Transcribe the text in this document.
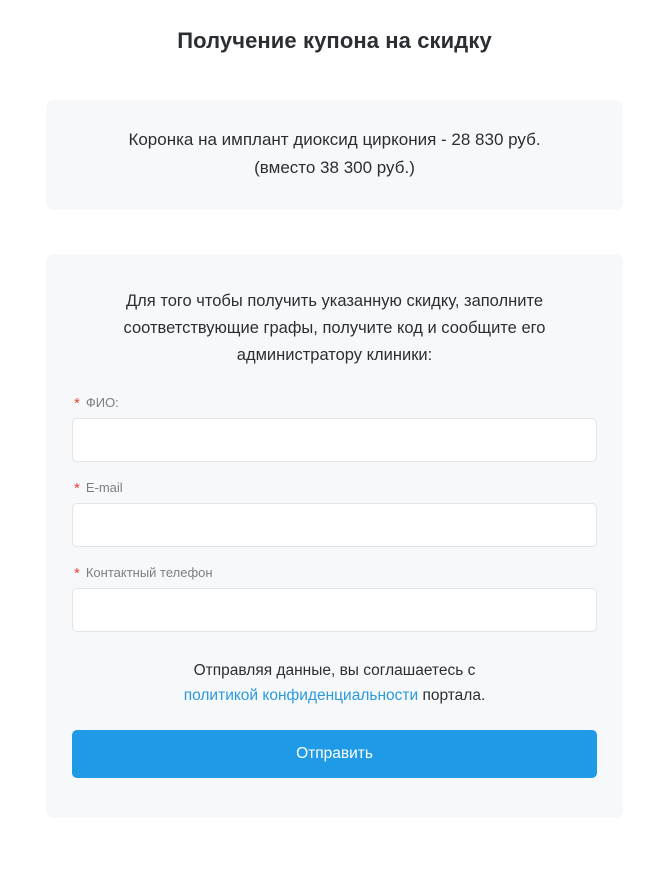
Получение купона на скидку

Коронка на имплант диоксид циркония - 28 830 руб.

(вместо 38 300 руб.)

Для того чтобы получить указанную скидку, заполните соответствующие графы, получите код и сообщите его администратору клиники:

* ФИО:
* E-mail
* Контактный телефон

Отправляя данные, вы соглашаетесь с
политикой конфиденциальности портала.

Отправить
